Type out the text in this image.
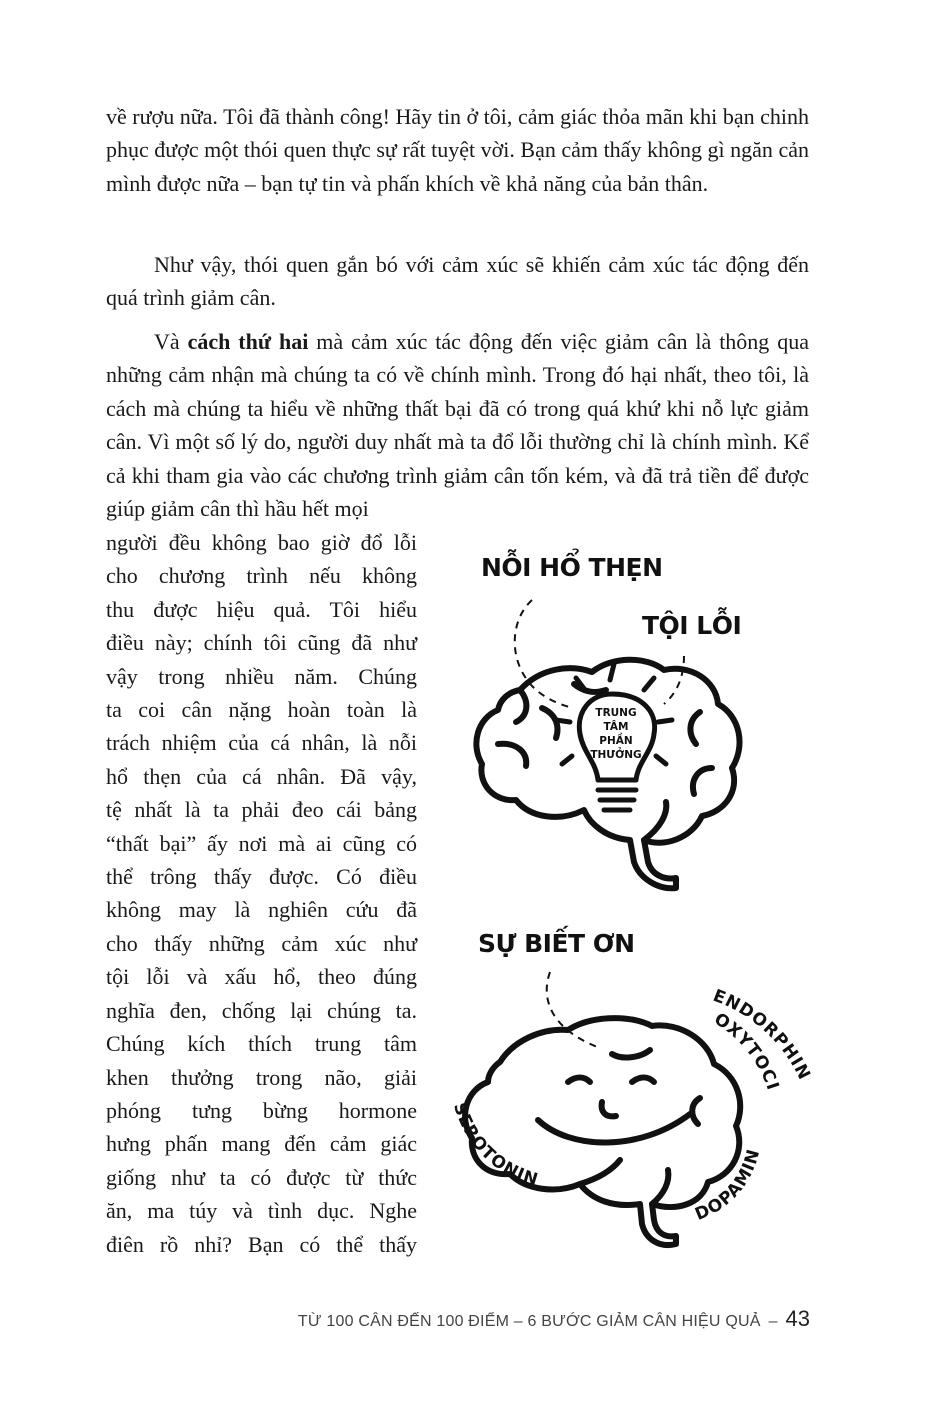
về rượu nữa. Tôi đã thành công! Hãy tin ở tôi, cảm giác thỏa mãn khi bạn chinh phục được một thói quen thực sự rất tuyệt vời. Bạn cảm thấy không gì ngăn cản mình được nữa – bạn tự tin và phấn khích về khả năng của bản thân.

Như vậy, thói quen gắn bó với cảm xúc sẽ khiến cảm xúc tác động đến quá trình giảm cân.

Và cách thứ hai mà cảm xúc tác động đến việc giảm cân là thông qua những cảm nhận mà chúng ta có về chính mình. Trong đó hại nhất, theo tôi, là cách mà chúng ta hiểu về những thất bại đã có trong quá khứ khi nỗ lực giảm cân. Vì một số lý do, người duy nhất mà ta đổ lỗi thường chỉ là chính mình. Kể cả khi tham gia vào các chương trình giảm cân tốn kém, và đã trả tiền để được giúp giảm cân thì hầu hết mọi

người đều không bao giờ đổ lỗi
cho chương trình nếu không
thu được hiệu quả. Tôi hiểu
điều này; chính tôi cũng đã như
vậy trong nhiều năm. Chúng
ta coi cân nặng hoàn toàn là
trách nhiệm của cá nhân, là nỗi
hổ thẹn của cá nhân. Đã vậy,
tệ nhất là ta phải đeo cái bảng
“thất bại” ấy nơi mà ai cũng có
thể trông thấy được. Có điều
không may là nghiên cứu đã
cho thấy những cảm xúc như
tội lỗi và xấu hổ, theo đúng
nghĩa đen, chống lại chúng ta.
Chúng kích thích trung tâm
khen thưởng trong não, giải
phóng tưng bừng hormone
hưng phấn mang đến cảm giác
giống như ta có được từ thức
ăn, ma túy và tình dục. Nghe
điên rồ nhỉ? Bạn có thể thấy
NỖI HỔ THẸN
TỘI LỖI
SỰ BIẾT ƠN
TRUNG
TÂM
PHẦN
THƯỞNG
ENDORPHIN
OXYTOCI
SEROTONIN
DOPAMIN
TỪ 100 CÂN ĐẾN 100 ĐIỂM – 6 BƯỚC GIẢM CÂN HIỆU QUẢ – 43
